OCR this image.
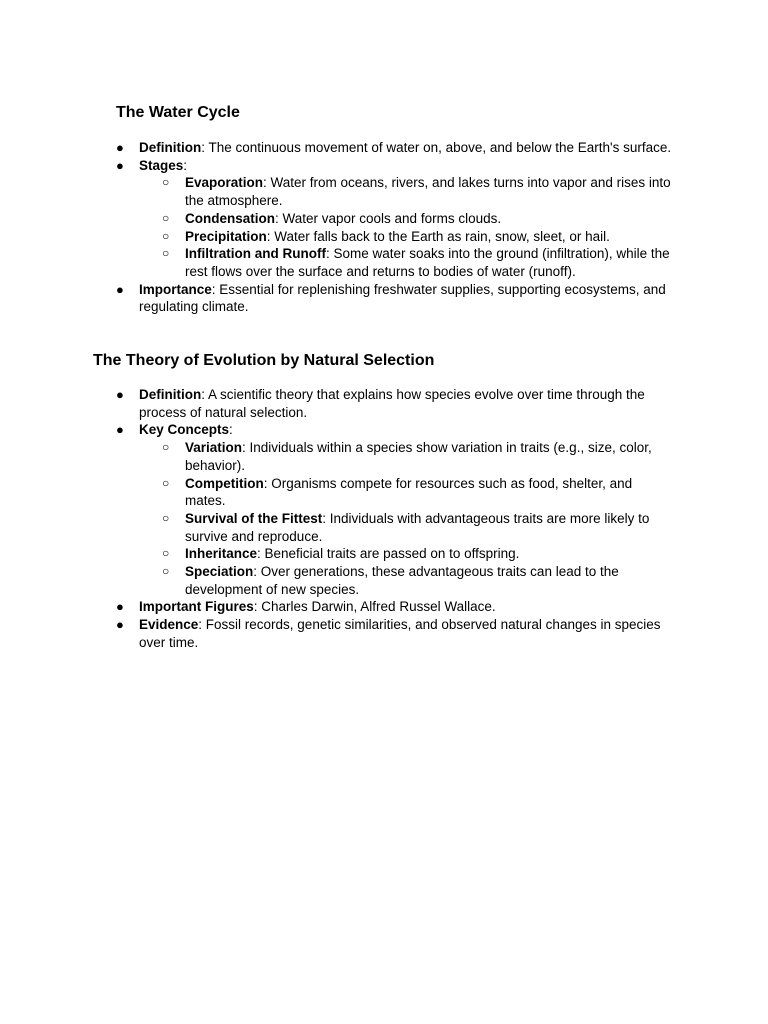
The Water Cycle
●	Definition: The continuous movement of water on, above, and below the Earth's surface.
●	Stages:
○ Evaporation: Water from oceans, rivers, and lakes turns into vapor and rises into the atmosphere.
○ Condensation: Water vapor cools and forms clouds.
○ Precipitation: Water falls back to the Earth as rain, snow, sleet, or hail.
○ Infiltration and Runoff: Some water soaks into the ground (infiltration), while the rest flows over the surface and returns to bodies of water (runoff).
●	Importance: Essential for replenishing freshwater supplies, supporting ecosystems, and regulating climate.
The Theory of Evolution by Natural Selection
●	Definition: A scientific theory that explains how species evolve over time through the process of natural selection.
●	Key Concepts:
○ Variation: Individuals within a species show variation in traits (e.g., size, color, behavior).
○ Competition: Organisms compete for resources such as food, shelter, and mates.
○ Survival of the Fittest: Individuals with advantageous traits are more likely to survive and reproduce.
○ Inheritance: Beneficial traits are passed on to offspring.
○ Speciation: Over generations, these advantageous traits can lead to the development of new species.
●	Important Figures: Charles Darwin, Alfred Russel Wallace.
●	Evidence: Fossil records, genetic similarities, and observed natural changes in species over time.
